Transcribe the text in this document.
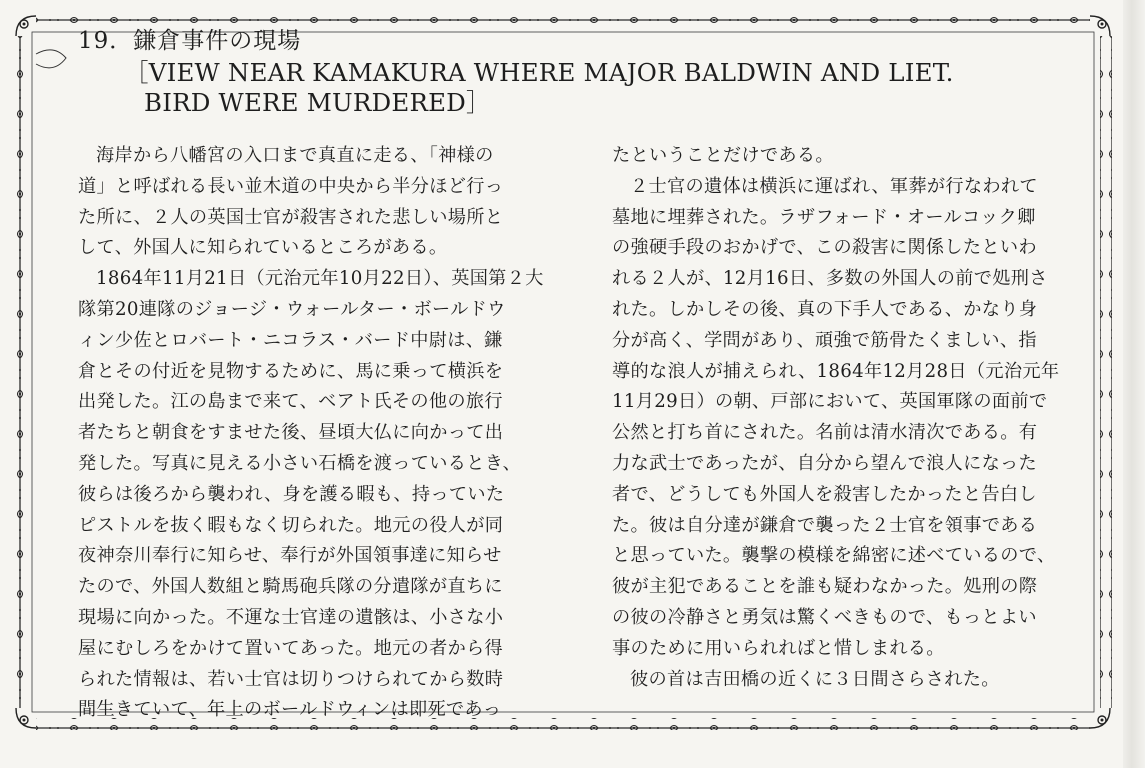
19．鎌倉事件の現場
［VIEW NEAR KAMAKURA WHERE MAJOR BALDWIN AND LIET.
BIRD WERE MURDERED］
海岸から八幡宮の入口まで真直に走る、「神様の
道」と呼ばれる長い並木道の中央から半分ほど行っ
た所に、２人の英国士官が殺害された悲しい場所と
して、外国人に知られているところがある。
1864年11月21日（元治元年10月22日）、英国第２大
隊第20連隊のジョージ・ウォールター・ボールドウ
ィン少佐とロバート・ニコラス・バード中尉は、鎌
倉とその付近を見物するために、馬に乗って横浜を
出発した。江の島まで来て、ベアト氏その他の旅行
者たちと朝食をすませた後、昼頃大仏に向かって出
発した。写真に見える小さい石橋を渡っているとき、
彼らは後ろから襲われ、身を護る暇も、持っていた
ピストルを抜く暇もなく切られた。地元の役人が同
夜神奈川奉行に知らせ、奉行が外国領事達に知らせ
たので、外国人数組と騎馬砲兵隊の分遣隊が直ちに
現場に向かった。不運な士官達の遺骸は、小さな小
屋にむしろをかけて置いてあった。地元の者から得
られた情報は、若い士官は切りつけられてから数時
間生きていて、年上のボールドウィンは即死であっ
たということだけである。
２士官の遺体は横浜に運ばれ、軍葬が行なわれて
墓地に埋葬された。ラザフォード・オールコック卿
の強硬手段のおかげで、この殺害に関係したといわ
れる２人が、12月16日、多数の外国人の前で処刑さ
れた。しかしその後、真の下手人である、かなり身
分が高く、学問があり、頑強で筋骨たくましい、指
導的な浪人が捕えられ、1864年12月28日（元治元年
11月29日）の朝、戸部において、英国軍隊の面前で
公然と打ち首にされた。名前は清水清次である。有
力な武士であったが、自分から望んで浪人になった
者で、どうしても外国人を殺害したかったと告白し
た。彼は自分達が鎌倉で襲った２士官を領事である
と思っていた。襲撃の模様を綿密に述べているので、
彼が主犯であることを誰も疑わなかった。処刑の際
の彼の冷静さと勇気は驚くべきもので、もっとよい
事のために用いられればと惜しまれる。
彼の首は吉田橋の近くに３日間さらされた。
